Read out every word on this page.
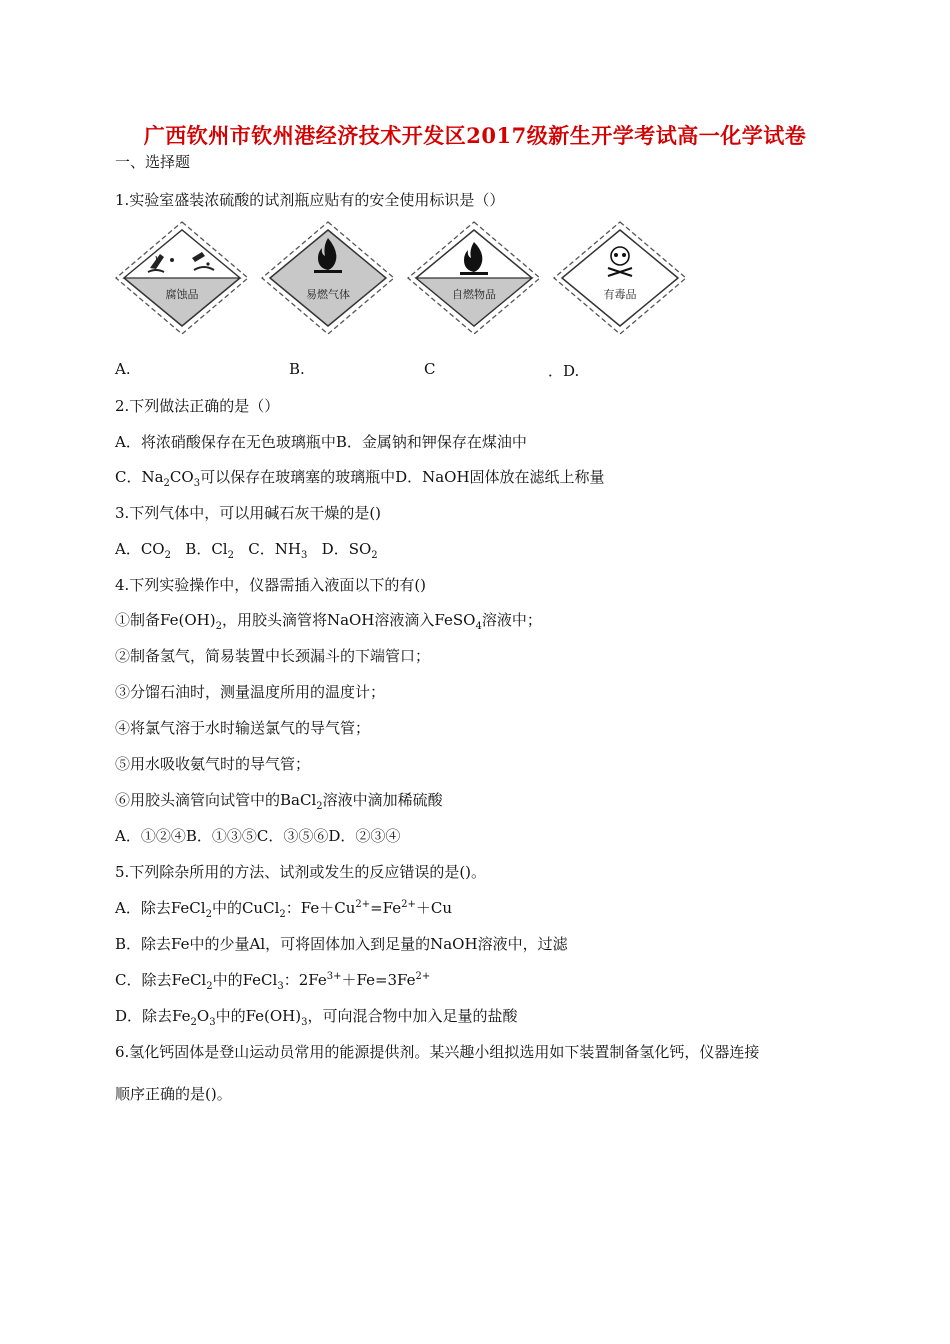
广西钦州市钦州港经济技术开发区2017级新生开学考试高一化学试卷
一、选择题
1.实验室盛装浓硫酸的试剂瓶应贴有的安全使用标识是（）
腐蚀品	易燃气体	自燃物品	有毒品
A.	B.	C	．D.
2.下列做法正确的是（）
A．将浓硝酸保存在无色玻璃瓶中B．金属钠和钾保存在煤油中
C．$Na_2CO_3$可以保存在玻璃塞的玻璃瓶中D．NaOH固体放在滤纸上称量
3.下列气体中，可以用碱石灰干燥的是()
A．$CO_2$ B．$Cl_2$ C．$NH_3$ D．$SO_2$
4.下列实验操作中，仪器需插入液面以下的有()
①制备$Fe(OH)_2$，用胶头滴管将NaOH溶液滴入FeSO$_4$溶液中；
②制备氢气，简易装置中长颈漏斗的下端管口；
③分馏石油时，测量温度所用的温度计；
④将氯气溶于水时输送氯气的导气管；
⑤用水吸收氨气时的导气管；
⑥用胶头滴管向试管中的BaCl$_2$溶液中滴加稀硫酸
A．①②④B．①③⑤C．③⑤⑥D．②③④
5.下列除杂所用的方法、试剂或发生的反应错误的是()。
A．除去FeCl$_2$中的CuCl$_2$：$Fe+Cu^{2+}=Fe^{2+}+Cu$
B．除去Fe中的少量Al，可将固体加入到足量的NaOH溶液中，过滤
C．除去FeCl$_2$中的FeCl$_3$：$2Fe^{3+}+Fe=3Fe^{2+}$
D．除去$Fe_2O_3$中的$Fe(OH)_3$，可向混合物中加入足量的盐酸
6.氢化钙固体是登山运动员常用的能源提供剂。某兴趣小组拟选用如下装置制备氢化钙，仪器连接
顺序正确的是()。
